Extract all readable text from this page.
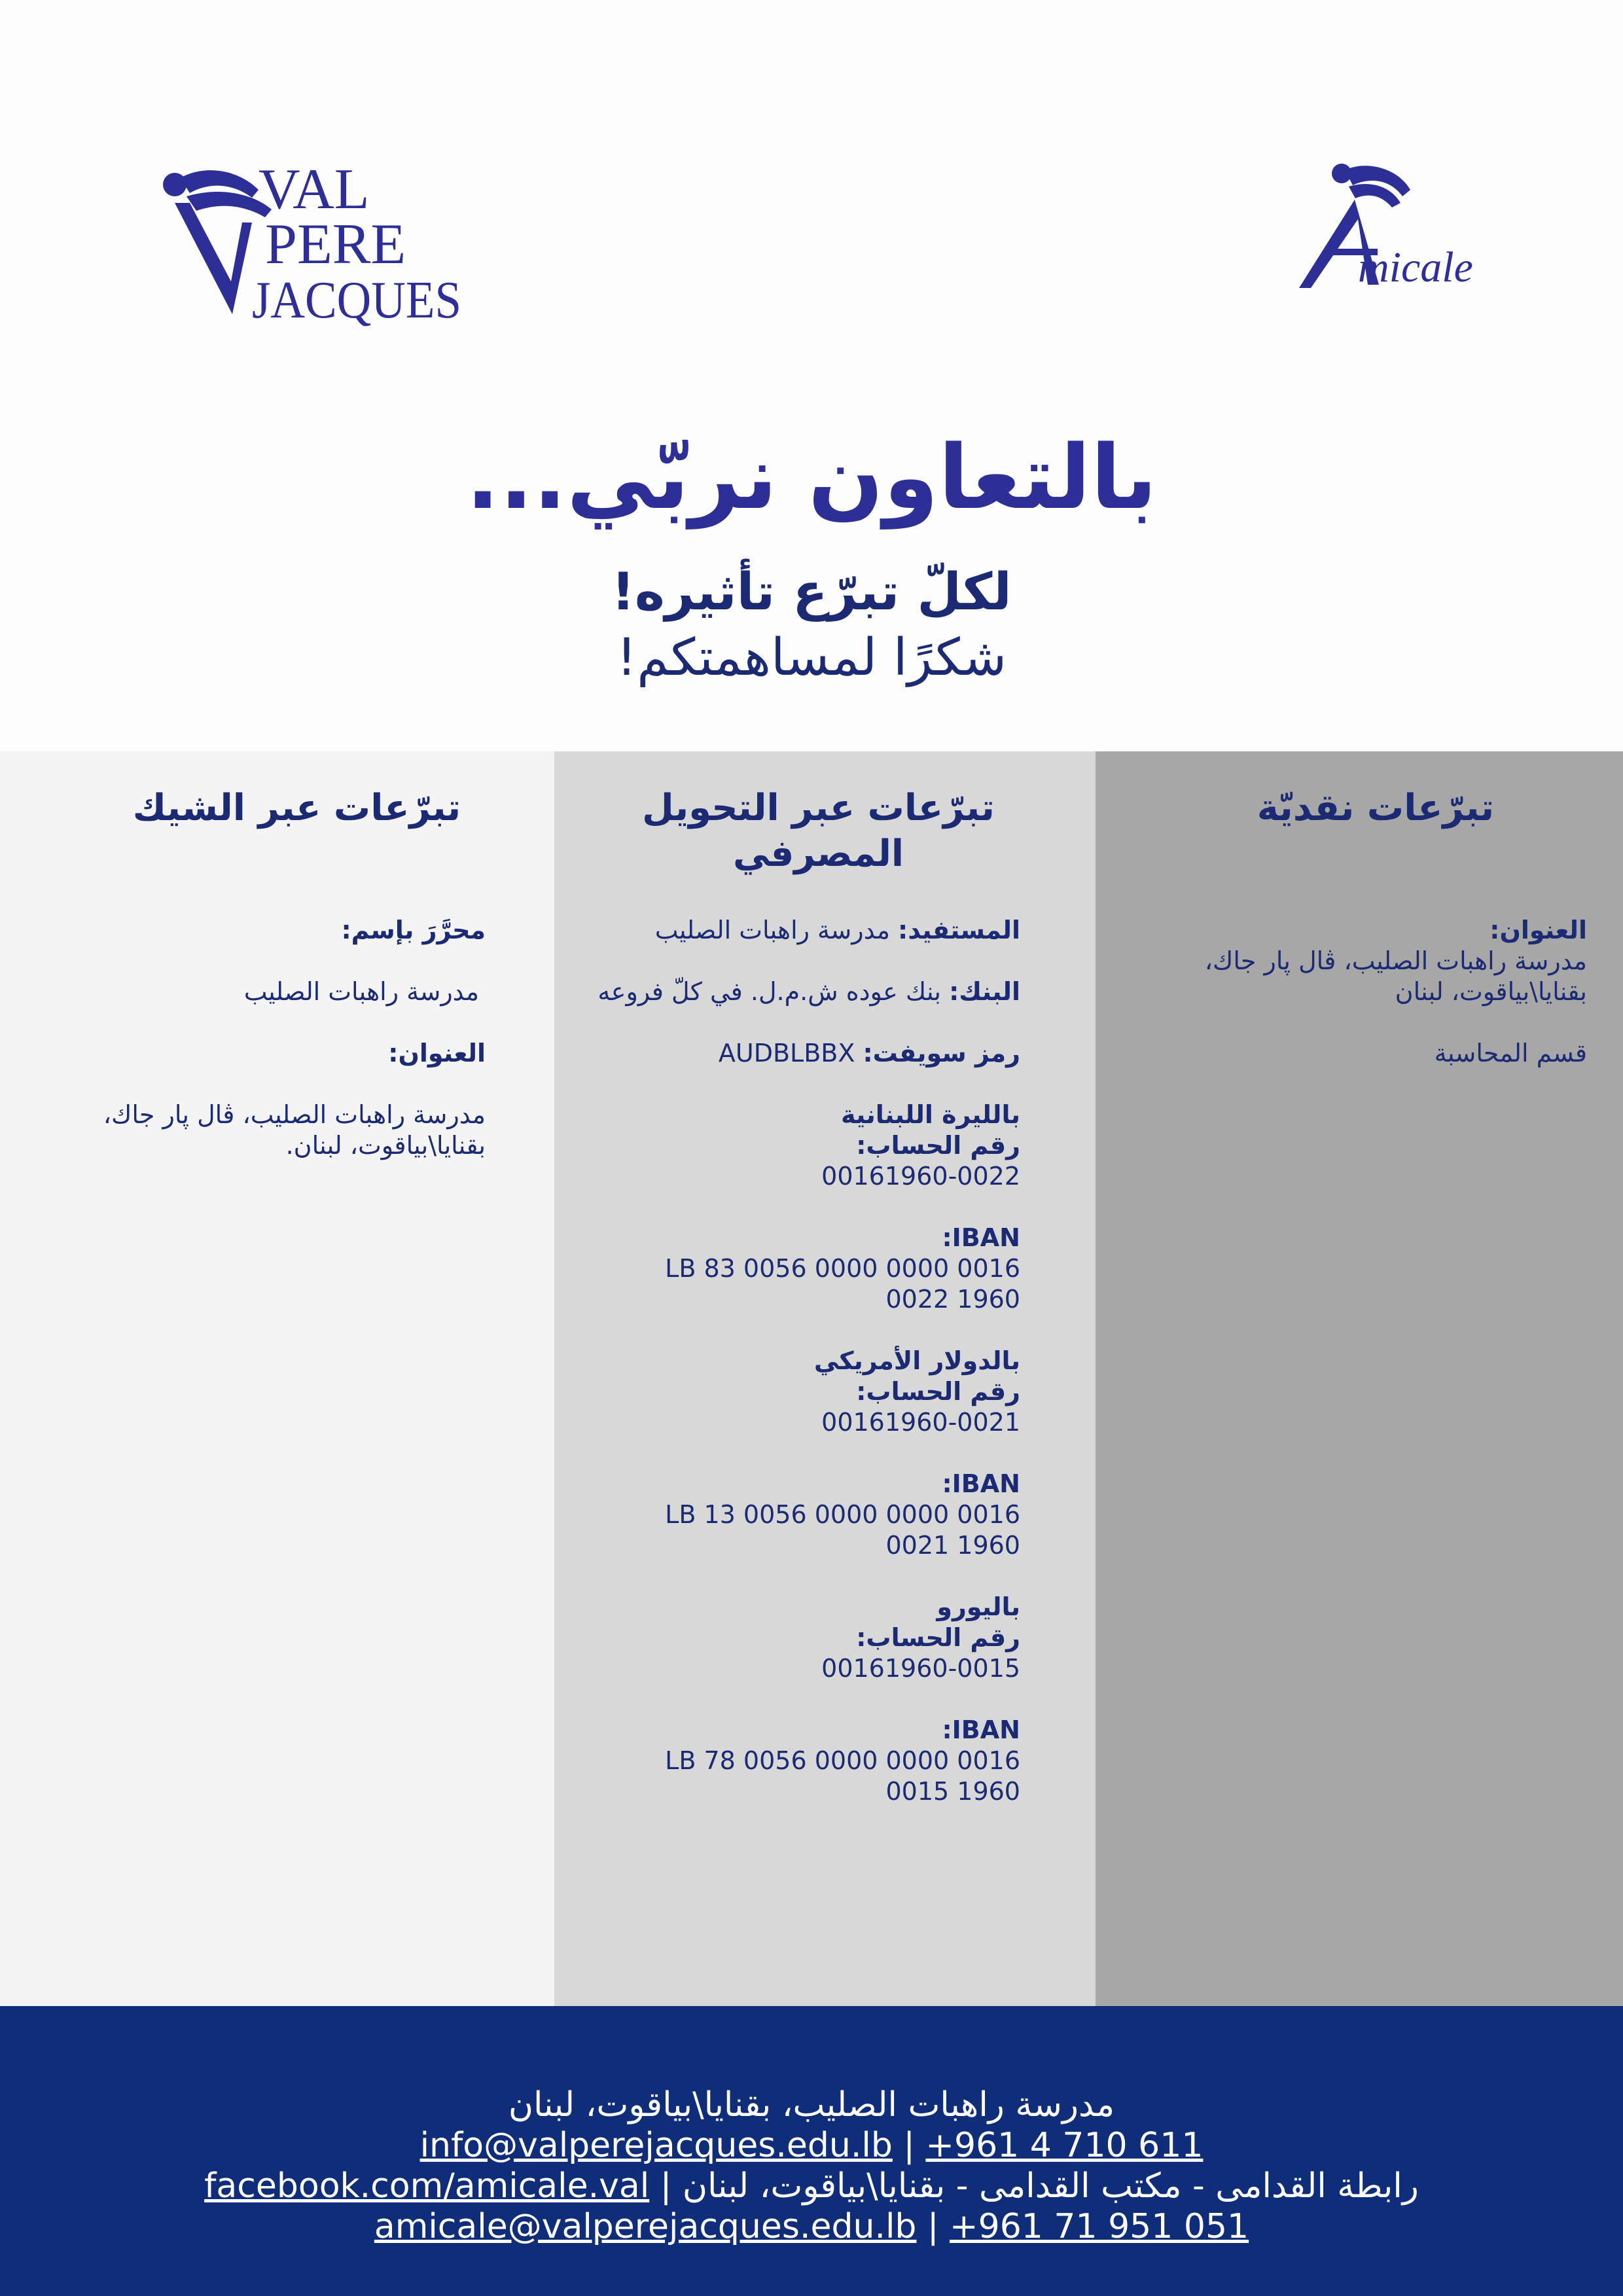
VAL
PERE
JACQUES
micale
بالتعاون نربّي...
لكلّ تبرّع تأثيره!
شكرًا لمساهمتكم!
تبرّعات عبر الشيك
محرَّرَ بإسم:
مدرسة راهبات الصليب
العنوان:
مدرسة راهبات الصليب، ڤال پار جاك،
بقنايا\بياقوت، لبنان.
تبرّعات عبر التحويل المصرفي
المستفيد: مدرسة راهبات الصليب
البنك: بنك عوده ش.م.ل. في كلّ فروعه
رمز سويفت: AUDBLBBX
بالليرة اللبنانية
رقم الحساب:
00161960-0022
IBAN:
LB 83 0056 0000 0000 0016
1960 0022
بالدولار الأمريكي
رقم الحساب:
00161960-0021
IBAN:
LB 13 0056 0000 0000 0016
1960 0021
باليورو
رقم الحساب:
00161960-0015
IBAN:
LB 78 0056 0000 0000 0016
1960 0015
تبرّعات نقديّة
العنوان:
مدرسة راهبات الصليب، ڤال پار جاك،
بقنايا\بياقوت، لبنان
قسم المحاسبة
مدرسة راهبات الصليب، بقنايا\بياقوت، لبنان
info@valperejacques.edu.lb | +961 4 710 611
facebook.com/amicale.val | رابطة القدامى - مكتب القدامى - بقنايا\بياقوت، لبنان
amicale@valperejacques.edu.lb | +961 71 951 051
